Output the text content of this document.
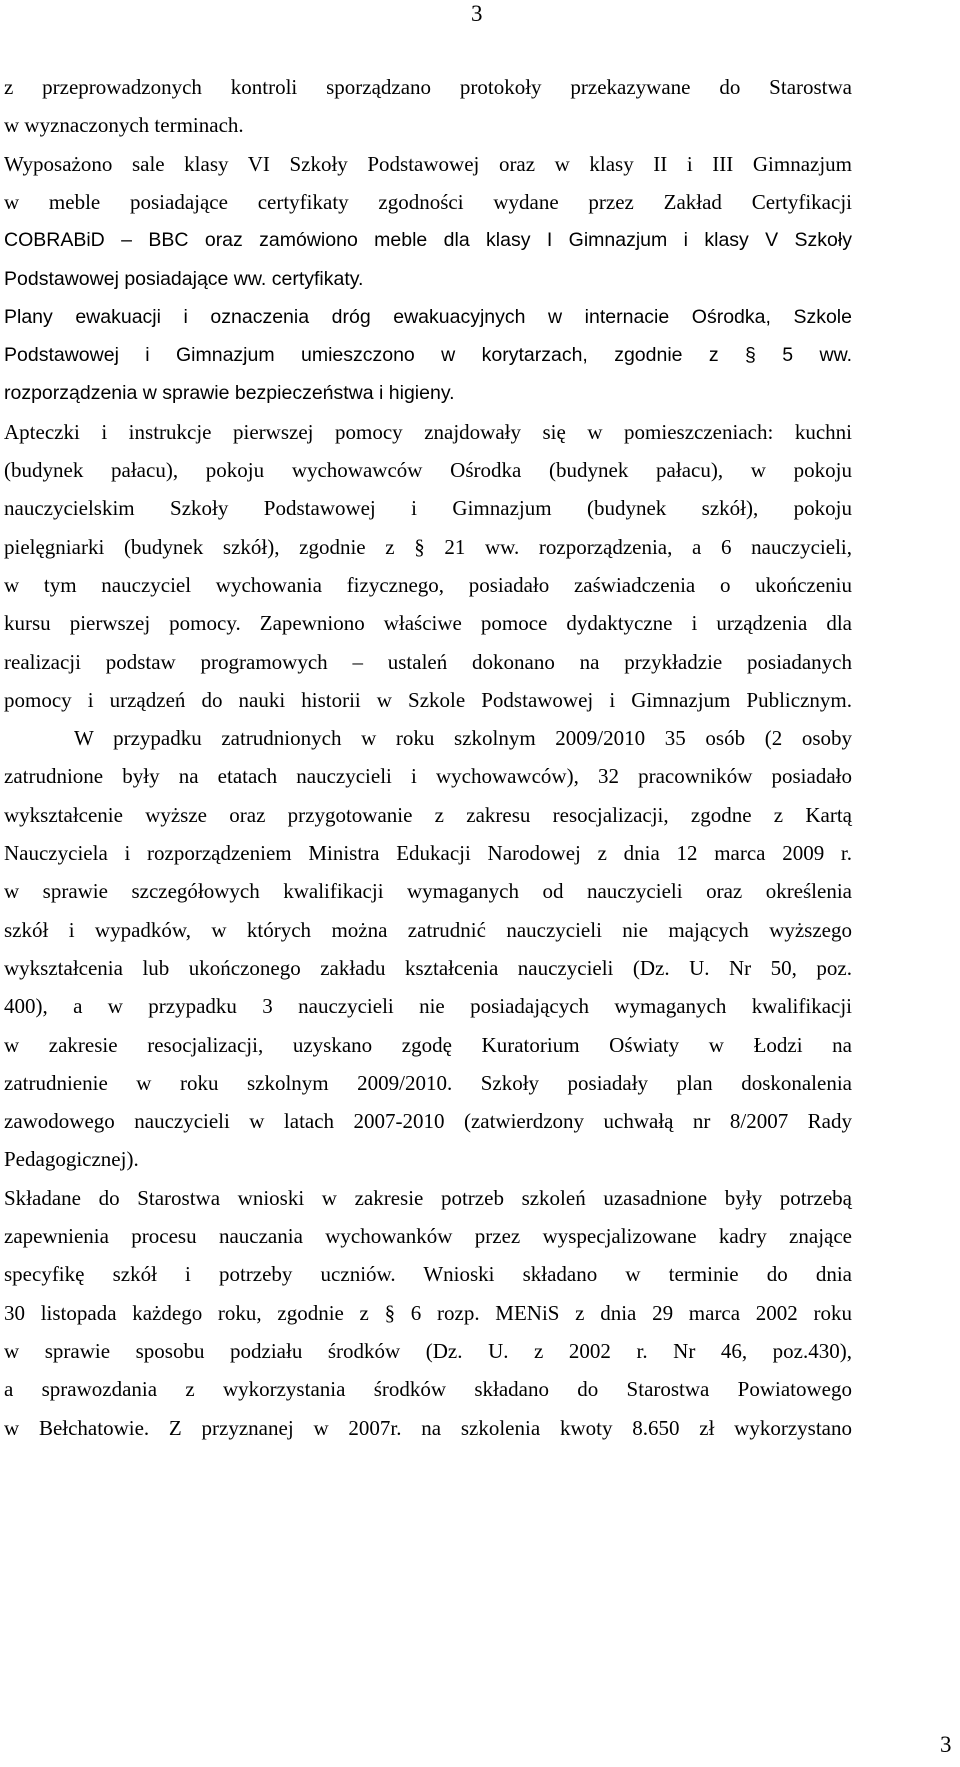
3
z przeprowadzonych kontroli sporządzano protokoły przekazywane do Starostwa
w wyznaczonych terminach.
Wyposażono sale klasy VI Szkoły Podstawowej oraz w klasy II i III Gimnazjum
w meble posiadające certyfikaty zgodności wydane przez Zakład Certyfikacji
COBRABiD – BBC oraz zamówiono meble dla klasy I Gimnazjum i klasy V Szkoły
Podstawowej posiadające ww. certyfikaty.
Plany ewakuacji i oznaczenia dróg ewakuacyjnych w internacie Ośrodka, Szkole
Podstawowej i Gimnazjum umieszczono w korytarzach, zgodnie z § 5 ww.
rozporządzenia w sprawie bezpieczeństwa i higieny.
Apteczki i instrukcje pierwszej pomocy znajdowały się w pomieszczeniach: kuchni
(budynek pałacu), pokoju wychowawców Ośrodka (budynek pałacu), w pokoju
nauczycielskim Szkoły Podstawowej i Gimnazjum (budynek szkół), pokoju
pielęgniarki (budynek szkół), zgodnie z § 21 ww. rozporządzenia, a 6 nauczycieli,
w tym nauczyciel wychowania fizycznego, posiadało zaświadczenia o ukończeniu
kursu pierwszej pomocy. Zapewniono właściwe pomoce dydaktyczne i urządzenia dla
realizacji podstaw programowych – ustaleń dokonano na przykładzie posiadanych
pomocy i urządzeń do nauki historii w Szkole Podstawowej i Gimnazjum Publicznym.
W przypadku zatrudnionych w roku szkolnym 2009/2010 35 osób (2 osoby
zatrudnione były na etatach nauczycieli i wychowawców), 32 pracowników posiadało
wykształcenie wyższe oraz przygotowanie z zakresu resocjalizacji, zgodne z Kartą
Nauczyciela i rozporządzeniem Ministra Edukacji Narodowej z dnia 12 marca 2009 r.
w sprawie szczegółowych kwalifikacji wymaganych od nauczycieli oraz określenia
szkół i wypadków, w których można zatrudnić nauczycieli nie mających wyższego
wykształcenia lub ukończonego zakładu kształcenia nauczycieli (Dz. U. Nr 50, poz.
400), a w przypadku 3 nauczycieli nie posiadających wymaganych kwalifikacji
w zakresie resocjalizacji, uzyskano zgodę Kuratorium Oświaty w Łodzi na
zatrudnienie w roku szkolnym 2009/2010. Szkoły posiadały plan doskonalenia
zawodowego nauczycieli w latach 2007-2010 (zatwierdzony uchwałą nr 8/2007 Rady
Pedagogicznej).
Składane do Starostwa wnioski w zakresie potrzeb szkoleń uzasadnione były potrzebą
zapewnienia procesu nauczania wychowanków przez wyspecjalizowane kadry znające
specyfikę szkół i potrzeby uczniów. Wnioski składano w terminie do dnia
30 listopada każdego roku, zgodnie z § 6 rozp. MENiS z dnia 29 marca 2002 roku
w sprawie sposobu podziału środków (Dz. U. z 2002 r. Nr 46, poz.430),
a sprawozdania z wykorzystania środków składano do Starostwa Powiatowego
w Bełchatowie. Z przyznanej w 2007r. na szkolenia kwoty 8.650 zł wykorzystano
3
